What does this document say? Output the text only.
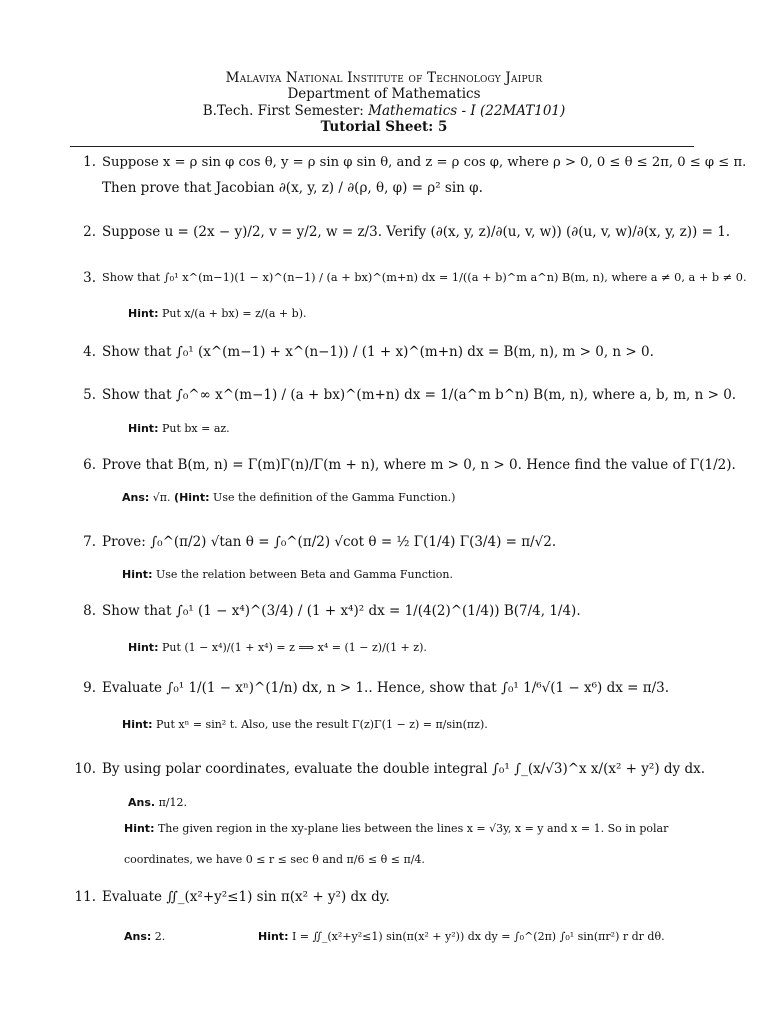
Malaviya National Institute of Technology Jaipur
Department of Mathematics
B.Tech. First Semester: Mathematics - I (22MAT101)
Tutorial Sheet: 5
1. Suppose x = ρ sin φ cos θ, y = ρ sin φ sin θ, and z = ρ cos φ, where ρ > 0, 0 ≤ θ ≤ 2π, 0 ≤ φ ≤ π.
Then prove that Jacobian ∂(x, y, z) / ∂(ρ, θ, φ) = ρ² sin φ.
2. Suppose u = (2x − y)/2, v = y/2, w = z/3. Verify (∂(x, y, z)/∂(u, v, w)) (∂(u, v, w)/∂(x, y, z)) = 1.
3. Show that ∫₀¹ x^(m−1)(1 − x)^(n−1) / (a + bx)^(m+n) dx = 1/((a + b)^m a^n) B(m, n), where a ≠ 0, a + b ≠ 0.
Hint: Put x/(a + bx) = z/(a + b).
4. Show that ∫₀¹ (x^(m−1) + x^(n−1)) / (1 + x)^(m+n) dx = B(m, n), m > 0, n > 0.
5. Show that ∫₀^∞ x^(m−1) / (a + bx)^(m+n) dx = 1/(a^m b^n) B(m, n), where a, b, m, n > 0.
Hint: Put bx = az.
6. Prove that B(m, n) = Γ(m)Γ(n)/Γ(m + n), where m > 0, n > 0. Hence find the value of Γ(1/2).
Ans: √π. (Hint: Use the definition of the Gamma Function.)
7. Prove: ∫₀^(π/2) √tan θ = ∫₀^(π/2) √cot θ = ½ Γ(1/4) Γ(3/4) = π/√2.
Hint: Use the relation between Beta and Gamma Function.
8. Show that ∫₀¹ (1 − x⁴)^(3/4) / (1 + x⁴)² dx = 1/(4(2)^(1/4)) B(7/4, 1/4).
Hint: Put (1 − x⁴)/(1 + x⁴) = z ⟹ x⁴ = (1 − z)/(1 + z).
9. Evaluate ∫₀¹ 1/(1 − xⁿ)^(1/n) dx, n > 1.. Hence, show that ∫₀¹ 1/⁶√(1 − x⁶) dx = π/3.
Hint: Put xⁿ = sin² t. Also, use the result Γ(z)Γ(1 − z) = π/sin(πz).
10. By using polar coordinates, evaluate the double integral ∫₀¹ ∫_(x/√3)^x x/(x² + y²) dy dx.
Ans. π/12.
Hint: The given region in the xy-plane lies between the lines x = √3y, x = y and x = 1. So in polar
coordinates, we have 0 ≤ r ≤ sec θ and π/6 ≤ θ ≤ π/4.
11. Evaluate ∬_(x²+y²≤1) sin π(x² + y²) dx dy.
Ans: 2.	Hint: I = ∬_(x²+y²≤1) sin(π(x² + y²)) dx dy = ∫₀^(2π) ∫₀¹ sin(πr²) r dr dθ.
